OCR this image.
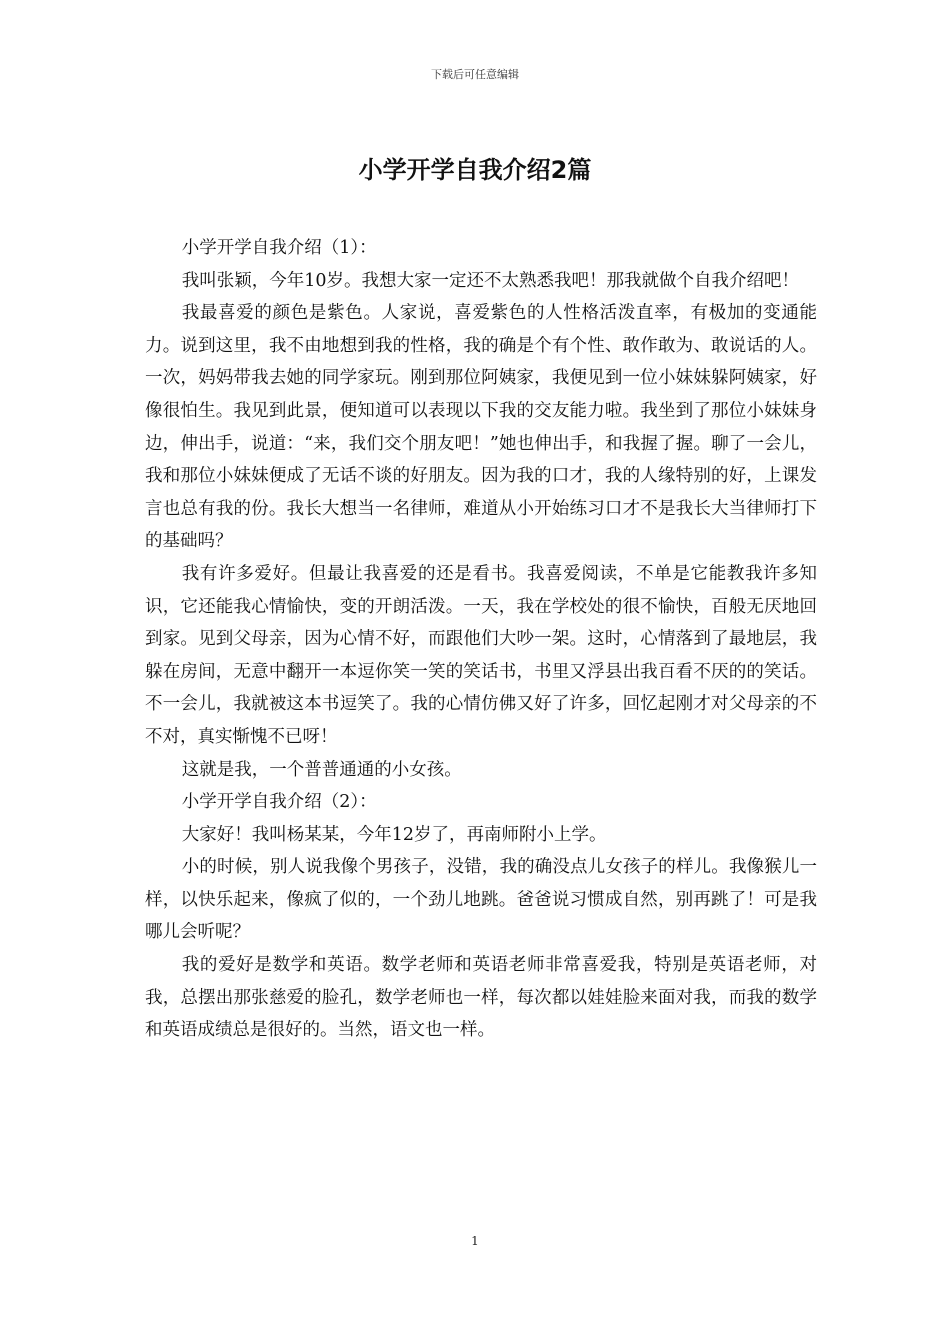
下载后可任意编辑
小学开学自我介绍2篇

小学开学自我介绍（1）：

我叫张颖，今年10岁。我想大家一定还不太熟悉我吧！那我就做个自我介绍吧！

我最喜爱的颜色是紫色。人家说，喜爱紫色的人性格活泼直率，有极加的变通能力。说到这里，我不由地想到我的性格，我的确是个有个性、敢作敢为、敢说话的人。一次，妈妈带我去她的同学家玩。刚到那位阿姨家，我便见到一位小妹妹躲阿姨家，好像很怕生。我见到此景，便知道可以表现以下我的交友能力啦。我坐到了那位小妹妹身边，伸出手，说道：“来，我们交个朋友吧！”她也伸出手，和我握了握。聊了一会儿，我和那位小妹妹便成了无话不谈的好朋友。因为我的口才，我的人缘特别的好，上课发言也总有我的份。我长大想当一名律师，难道从小开始练习口才不是我长大当律师打下的基础吗？

我有许多爱好。但最让我喜爱的还是看书。我喜爱阅读，不单是它能教我许多知识，它还能我心情愉快，变的开朗活泼。一天，我在学校处的很不愉快，百般无厌地回到家。见到父母亲，因为心情不好，而跟他们大吵一架。这时，心情落到了最地层，我躲在房间，无意中翻开一本逗你笑一笑的笑话书，书里又浮县出我百看不厌的的笑话。不一会儿，我就被这本书逗笑了。我的心情仿佛又好了许多，回忆起刚才对父母亲的不不对，真实惭愧不已呀！

这就是我，一个普普通通的小女孩。

小学开学自我介绍（2）：

大家好！我叫杨某某，今年12岁了，再南师附小上学。

小的时候，别人说我像个男孩子，没错，我的确没点儿女孩子的样儿。我像猴儿一样，以快乐起来，像疯了似的，一个劲儿地跳。爸爸说习惯成自然，别再跳了！可是我哪儿会听呢？

我的爱好是数学和英语。数学老师和英语老师非常喜爱我，特别是英语老师，对我，总摆出那张慈爱的脸孔，数学老师也一样，每次都以娃娃脸来面对我，而我的数学和英语成绩总是很好的。当然，语文也一样。

1
